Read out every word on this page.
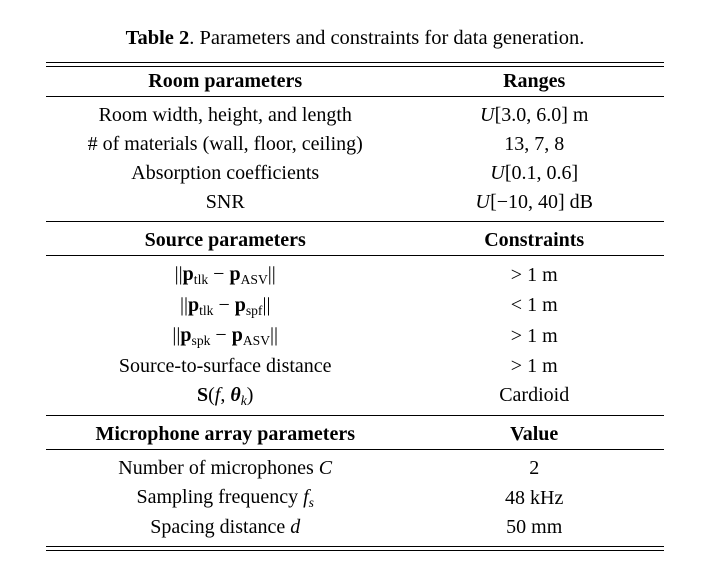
Table 2. Parameters and constraints for data generation.

Room parameters	Ranges

Room width, height, and length	U[3.0, 6.0] m
# of materials (wall, floor, ceiling)	13, 7, 8
Absorption coefficients	U[0.1, 0.6]
SNR	U[−10, 40] dB

Source parameters	Constraints

$||p_{tlk} - p_{ASV}||$	> 1 m
$||p_{tlk} - p_{spf}||$	< 1 m
$||p_{spk} - p_{ASV}||$	> 1 m
Source-to-surface distance	> 1 m
S(f, θk)	Cardioid

Microphone array parameters	Value

Number of microphones C	2
Sampling frequency fs	48 kHz
Spacing distance d	50 mm
